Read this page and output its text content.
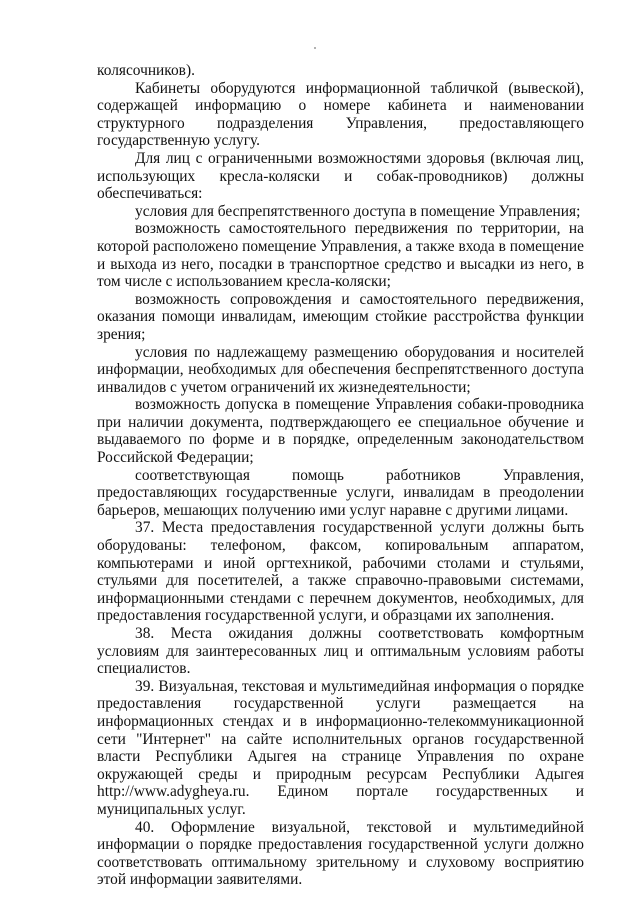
колясочников).

Кабинеты оборудуются информационной табличкой (вывеской), содержащей информацию о номере кабинета и наименовании структурного подразделения Управления, предоставляющего государственную услугу.

Для лиц с ограниченными возможностями здоровья (включая лиц, использующих кресла-коляски и собак-проводников) должны обеспечиваться:

условия для беспрепятственного доступа в помещение Управления;

возможность самостоятельного передвижения по территории, на которой расположено помещение Управления, а также входа в помещение и выхода из него, посадки в транспортное средство и высадки из него, в том числе с использованием кресла-коляски;

возможность сопровождения и самостоятельного передвижения, оказания помощи инвалидам, имеющим стойкие расстройства функции зрения;

условия по надлежащему размещению оборудования и носителей информации, необходимых для обеспечения беспрепятственного доступа инвалидов с учетом ограничений их жизнедеятельности;

возможность допуска в помещение Управления собаки-проводника при наличии документа, подтверждающего ее специальное обучение и выдаваемого по форме и в порядке, определенным законодательством Российской Федерации;

соответствующая помощь работников Управления, предоставляющих государственные услуги, инвалидам в преодолении барьеров, мешающих получению ими услуг наравне с другими лицами.

37. Места предоставления государственной услуги должны быть оборудованы: телефоном, факсом, копировальным аппаратом, компьютерами и иной оргтехникой, рабочими столами и стульями, стульями для посетителей, а также справочно-правовыми системами, информационными стендами с перечнем документов, необходимых, для предоставления государственной услуги, и образцами их заполнения.

38. Места ожидания должны соответствовать комфортным условиям для заинтересованных лиц и оптимальным условиям работы специалистов.

39. Визуальная, текстовая и мультимедийная информация о порядке предоставления государственной услуги размещается на информационных стендах и в информационно-телекоммуникационной сети "Интернет" на сайте исполнительных органов государственной власти Республики Адыгея на странице Управления по охране окружающей среды и природным ресурсам Республики Адыгея http://www.adygheya.ru. Едином портале государственных и муниципальных услуг.

40. Оформление визуальной, текстовой и мультимедийной информации о порядке предоставления государственной услуги должно соответствовать оптимальному зрительному и слуховому восприятию этой информации заявителями.
